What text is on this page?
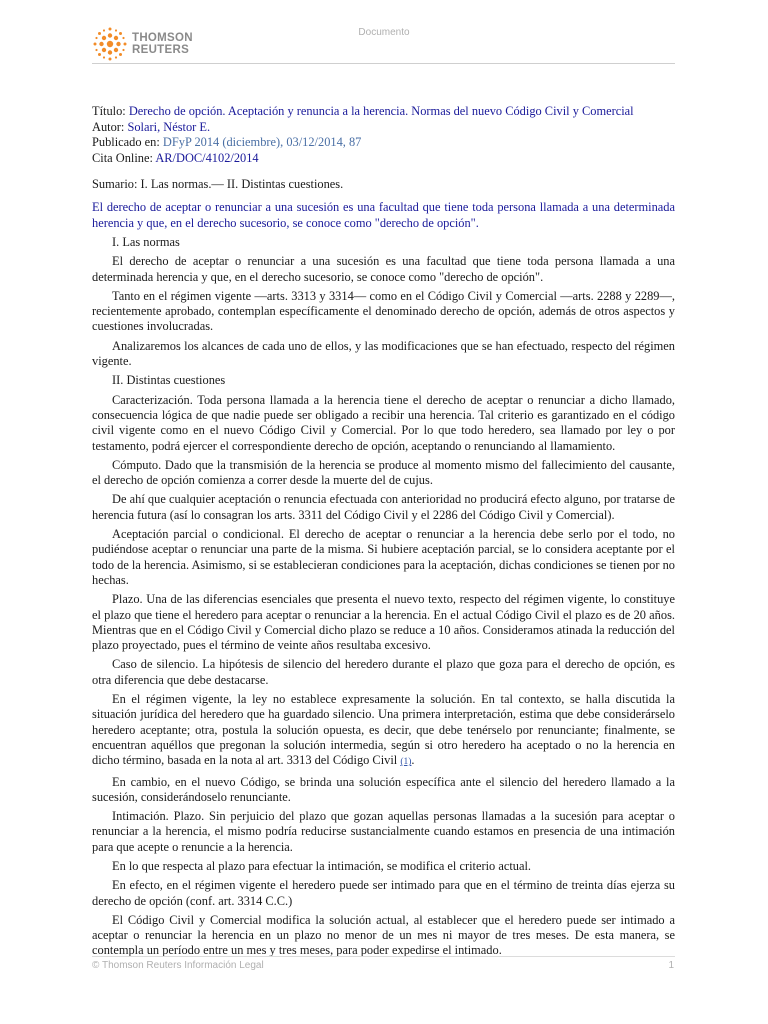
THOMSON
REUTERS
Documento
Título: Derecho de opción. Aceptación y renuncia a la herencia. Normas del nuevo Código Civil y Comercial
Autor: Solari, Néstor E.
Publicado en: DFyP 2014 (diciembre), 03/12/2014, 87
Cita Online: AR/DOC/4102/2014
Sumario: I. Las normas.— II. Distintas cuestiones.
El derecho de aceptar o renunciar a una sucesión es una facultad que tiene toda persona llamada a una determinada herencia y que, en el derecho sucesorio, se conoce como "derecho de opción".
I. Las normas
El derecho de aceptar o renunciar a una sucesión es una facultad que tiene toda persona llamada a una determinada herencia y que, en el derecho sucesorio, se conoce como "derecho de opción".
Tanto en el régimen vigente —arts. 3313 y 3314— como en el Código Civil y Comercial —arts. 2288 y 2289—, recientemente aprobado, contemplan específicamente el denominado derecho de opción, además de otros aspectos y cuestiones involucradas.
Analizaremos los alcances de cada uno de ellos, y las modificaciones que se han efectuado, respecto del régimen vigente.
II. Distintas cuestiones
Caracterización. Toda persona llamada a la herencia tiene el derecho de aceptar o renunciar a dicho llamado, consecuencia lógica de que nadie puede ser obligado a recibir una herencia. Tal criterio es garantizado en el código civil vigente como en el nuevo Código Civil y Comercial. Por lo que todo heredero, sea llamado por ley o por testamento, podrá ejercer el correspondiente derecho de opción, aceptando o renunciando al llamamiento.
Cómputo. Dado que la transmisión de la herencia se produce al momento mismo del fallecimiento del causante, el derecho de opción comienza a correr desde la muerte del de cujus.
De ahí que cualquier aceptación o renuncia efectuada con anterioridad no producirá efecto alguno, por tratarse de herencia futura (así lo consagran los arts. 3311 del Código Civil y el 2286 del Código Civil y Comercial).
Aceptación parcial o condicional. El derecho de aceptar o renunciar a la herencia debe serlo por el todo, no pudiéndose aceptar o renunciar una parte de la misma. Si hubiere aceptación parcial, se lo considera aceptante por el todo de la herencia. Asimismo, si se establecieran condiciones para la aceptación, dichas condiciones se tienen por no hechas.
Plazo. Una de las diferencias esenciales que presenta el nuevo texto, respecto del régimen vigente, lo constituye el plazo que tiene el heredero para aceptar o renunciar a la herencia. En el actual Código Civil el plazo es de 20 años. Mientras que en el Código Civil y Comercial dicho plazo se reduce a 10 años. Consideramos atinada la reducción del plazo proyectado, pues el término de veinte años resultaba excesivo.
Caso de silencio. La hipótesis de silencio del heredero durante el plazo que goza para el derecho de opción, es otra diferencia que debe destacarse.
En el régimen vigente, la ley no establece expresamente la solución. En tal contexto, se halla discutida la situación jurídica del heredero que ha guardado silencio. Una primera interpretación, estima que debe considerárselo heredero aceptante; otra, postula la solución opuesta, es decir, que debe tenérselo por renunciante; finalmente, se encuentran aquéllos que pregonan la solución intermedia, según si otro heredero ha aceptado o no la herencia en dicho término, basada en la nota al art. 3313 del Código Civil (1).
En cambio, en el nuevo Código, se brinda una solución específica ante el silencio del heredero llamado a la sucesión, considerándoselo renunciante.
Intimación. Plazo. Sin perjuicio del plazo que gozan aquellas personas llamadas a la sucesión para aceptar o renunciar a la herencia, el mismo podría reducirse sustancialmente cuando estamos en presencia de una intimación para que acepte o renuncie a la herencia.
En lo que respecta al plazo para efectuar la intimación, se modifica el criterio actual.
En efecto, en el régimen vigente el heredero puede ser intimado para que en el término de treinta días ejerza su derecho de opción (conf. art. 3314 C.C.)
El Código Civil y Comercial modifica la solución actual, al establecer que el heredero puede ser intimado a aceptar o renunciar la herencia en un plazo no menor de un mes ni mayor de tres meses. De esta manera, se contempla un período entre un mes y tres meses, para poder expedirse el intimado.
© Thomson Reuters Información Legal	1
